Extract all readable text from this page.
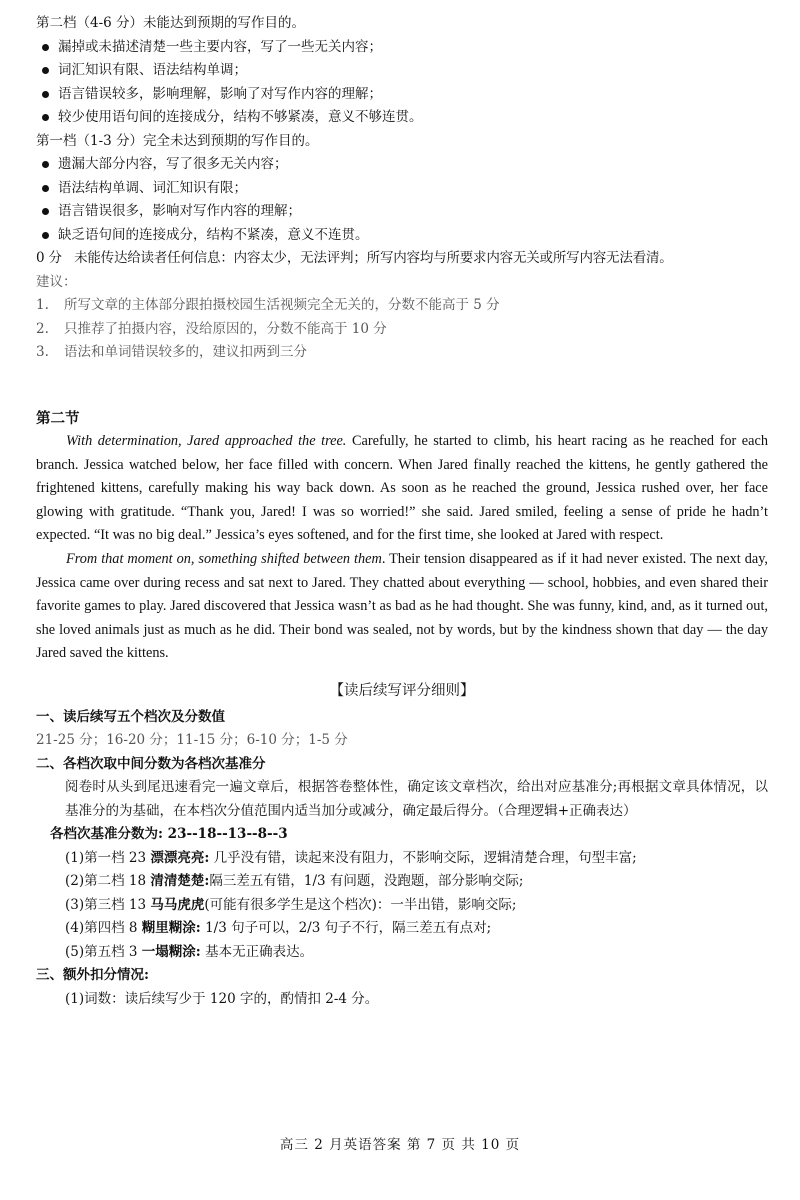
第二档（4-6 分）未能达到预期的写作目的。
漏掉或未描述清楚一些主要内容，写了一些无关内容；
词汇知识有限、语法结构单调；
语言错误较多，影响理解，影响了对写作内容的理解；
较少使用语句间的连接成分，结构不够紧凑，意义不够连贯。
第一档（1-3 分）完全未达到预期的写作目的。
遗漏大部分内容，写了很多无关内容；
语法结构单调、词汇知识有限；
语言错误很多，影响对写作内容的理解；
缺乏语句间的连接成分，结构不紧凑，意义不连贯。
0 分 未能传达给读者任何信息：内容太少，无法评判；所写内容均与所要求内容无关或所写内容无法看清。
建议：
1. 所写文章的主体部分跟拍摄校园生活视频完全无关的，分数不能高于 5 分
2. 只推荐了拍摄内容，没给原因的，分数不能高于 10 分
3. 语法和单词错误较多的，建议扣两到三分
第二节

With determination, Jared approached the tree. Carefully, he started to climb, his heart racing as he reached for each branch. Jessica watched below, her face filled with concern. When Jared finally reached the kittens, he gently gathered the frightened kittens, carefully making his way back down. As soon as he reached the ground, Jessica rushed over, her face glowing with gratitude. “Thank you, Jared! I was so worried!” she said. Jared smiled, feeling a sense of pride he hadn’t expected. “It was no big deal.” Jessica’s eyes softened, and for the first time, she looked at Jared with respect.

From that moment on, something shifted between them. Their tension disappeared as if it had never existed. The next day, Jessica came over during recess and sat next to Jared. They chatted about everything — school, hobbies, and even shared their favorite games to play. Jared discovered that Jessica wasn’t as bad as he had thought. She was funny, kind, and, as it turned out, she loved animals just as much as he did. Their bond was sealed, not by words, but by the kindness shown that day — the day Jared saved the kittens.

【读后续写评分细则】
一、读后续写五个档次及分数值
21-25 分；16-20 分；11-15 分；6-10 分；1-5 分
二、各档次取中间分数为各档次基准分
阅卷时从头到尾迅速看完一遍文章后，根据答卷整体性，确定该文章档次，给出对应基准分;再根据文章具体情况，以基准分的为基础，在本档次分值范围内适当加分或减分，确定最后得分。（合理逻辑+正确表达）
各档次基准分数为: 23--18--13--8--3
(1)第一档 23 漂漂亮亮: 几乎没有错，读起来没有阻力，不影响交际，逻辑清楚合理，句型丰富;
(2)第二档 18 清清楚楚:隔三差五有错，1/3 有问题，没跑题，部分影响交际;
(3)第三档 13 马马虎虎(可能有很多学生是这个档次)：一半出错，影响交际;
(4)第四档 8 糊里糊涂: 1/3 句子可以，2/3 句子不行，隔三差五有点对;
(5)第五档 3 一塌糊涂: 基本无正确表达。
三、额外扣分情况:
(1)词数：读后续写少于 120 字的，酌情扣 2-4 分。
高三 2 月英语答案 第 7 页 共 10 页
